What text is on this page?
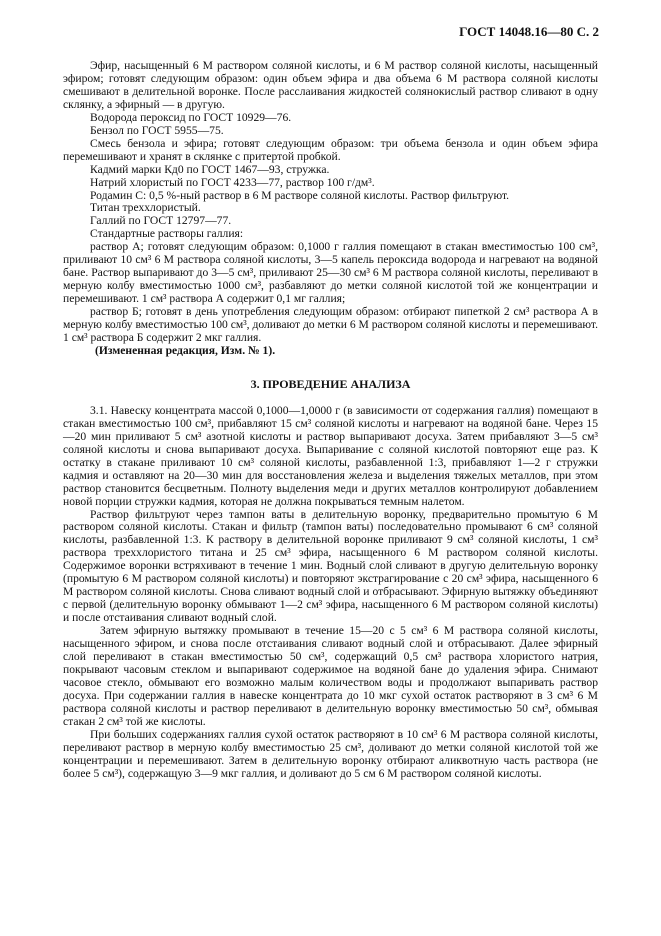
ГОСТ 14048.16—80 С. 2

Эфир, насыщенный 6 М раствором соляной кислоты, и 6 М раствор соляной кислоты, насыщенный эфиром; готовят следующим образом: один объем эфира и два объема 6 М раствора соляной кислоты смешивают в делительной воронке. После расслаивания жидкостей солянокислый раствор сливают в одну склянку, а эфирный — в другую.

Водорода пероксид по ГОСТ 10929—76.

Бензол по ГОСТ 5955—75.

Смесь бензола и эфира; готовят следующим образом: три объема бензола и один объем эфира перемешивают и хранят в склянке с притертой пробкой.

Кадмий марки Кд0 по ГОСТ 1467—93, стружка.

Натрий хлористый по ГОСТ 4233—77, раствор 100 г/дм³.

Родамин С: 0,5 %-ный раствор в 6 М растворе соляной кислоты. Раствор фильтруют.

Титан треххлористый.

Галлий по ГОСТ 12797—77.

Стандартные растворы галлия:

раствор А; готовят следующим образом: 0,1000 г галлия помещают в стакан вместимостью 100 см³, приливают 10 см³ 6 М раствора соляной кислоты, 3—5 капель пероксида водорода и нагревают на водяной бане. Раствор выпаривают до 3—5 см³, приливают 25—30 см³ 6 М раствора соляной кислоты, переливают в мерную колбу вместимостью 1000 см³, разбавляют до метки соляной кислотой той же концентрации и перемешивают. 1 см³ раствора А содержит 0,1 мг галлия;

раствор Б; готовят в день употребления следующим образом: отбирают пипеткой 2 см³ раствора А в мерную колбу вместимостью 100 см³, доливают до метки 6 М раствором соляной кислоты и перемешивают. 1 см³ раствора Б содержит 2 мкг галлия.

(Измененная редакция, Изм. № 1).

3. ПРОВЕДЕНИЕ АНАЛИЗА

3.1. Навеску концентрата массой 0,1000—1,0000 г (в зависимости от содержания галлия) помещают в стакан вместимостью 100 см³, прибавляют 15 см³ соляной кислоты и нагревают на водяной бане. Через 15—20 мин приливают 5 см³ азотной кислоты и раствор выпаривают досуха. Затем прибавляют 3—5 см³ соляной кислоты и снова выпаривают досуха. Выпаривание с соляной кислотой повторяют еще раз. К остатку в стакане приливают 10 см³ соляной кислоты, разбавленной 1:3, прибавляют 1—2 г стружки кадмия и оставляют на 20—30 мин для восстановления железа и выделения тяжелых металлов, при этом раствор становится бесцветным. Полноту выделения меди и других металлов контролируют добавлением новой порции стружки кадмия, которая не должна покрываться темным налетом.

Раствор фильтруют через тампон ваты в делительную воронку, предварительно промытую 6 М раствором соляной кислоты. Стакан и фильтр (тампон ваты) последовательно промывают 6 см³ соляной кислоты, разбавленной 1:3. К раствору в делительной воронке приливают 9 см³ соляной кислоты, 1 см³ раствора треххлористого титана и 25 см³ эфира, насыщенного 6 М раствором соляной кислоты. Содержимое воронки встряхивают в течение 1 мин. Водный слой сливают в другую делительную воронку (промытую 6 М раствором соляной кислоты) и повторяют экстрагирование с 20 см³ эфира, насыщенного 6 М раствором соляной кислоты. Снова сливают водный слой и отбрасывают. Эфирную вытяжку объединяют с первой (делительную воронку обмывают 1—2 см³ эфира, насыщенного 6 М раствором соляной кислоты) и после отстаивания сливают водный слой.

Затем эфирную вытяжку промывают в течение 15—20 с 5 см³ 6 М раствора соляной кислоты, насыщенного эфиром, и снова после отстаивания сливают водный слой и отбрасывают. Далее эфирный слой переливают в стакан вместимостью 50 см³, содержащий 0,5 см³ раствора хлористого натрия, покрывают часовым стеклом и выпаривают содержимое на водяной бане до удаления эфира. Снимают часовое стекло, обмывают его возможно малым количеством воды и продолжают выпаривать раствор досуха. При содержании галлия в навеске концентрата до 10 мкг сухой остаток растворяют в 3 см³ 6 М раствора соляной кислоты и раствор переливают в делительную воронку вместимостью 50 см³, обмывая стакан 2 см³ той же кислоты.

При больших содержаниях галлия сухой остаток растворяют в 10 см³ 6 М раствора соляной кислоты, переливают раствор в мерную колбу вместимостью 25 см³, доливают до метки соляной кислотой той же концентрации и перемешивают. Затем в делительную воронку отбирают аликвотную часть раствора (не более 5 см³), содержащую 3—9 мкг галлия, и доливают до 5 см 6 М раствором соляной кислоты.
